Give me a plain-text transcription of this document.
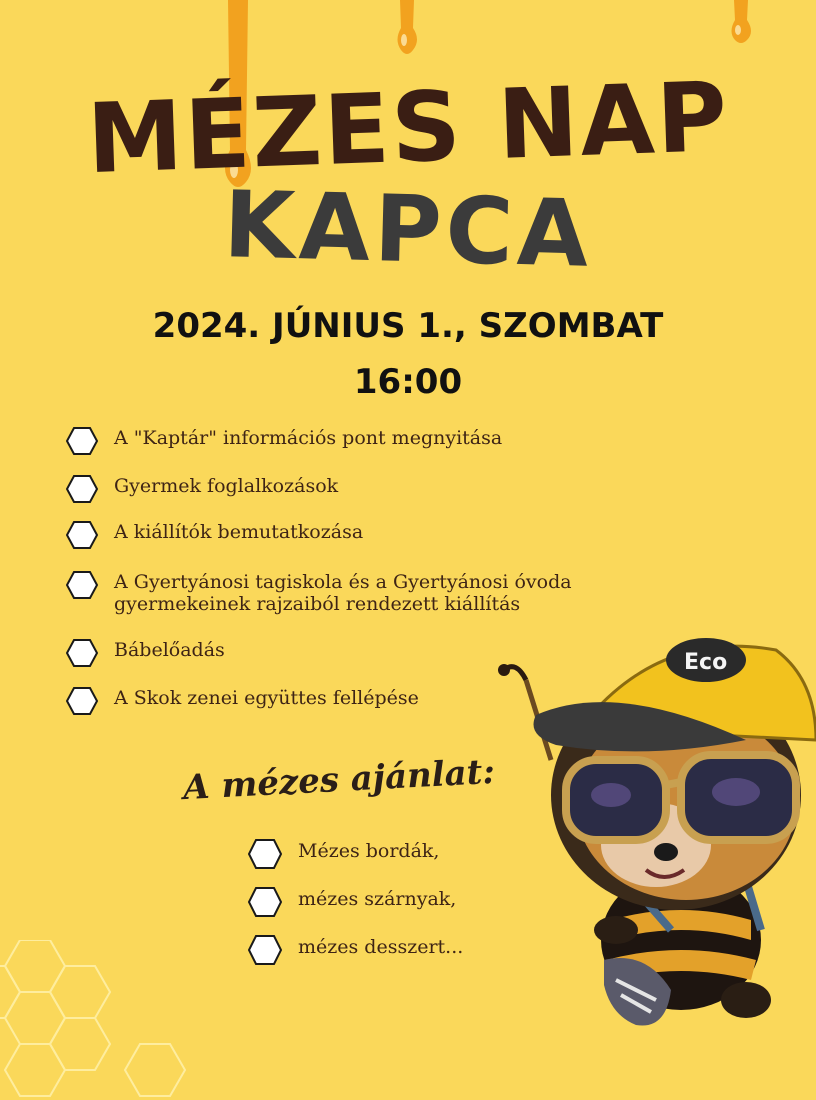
MÉZES NAP
KAPCA
2024. JÚNIUS 1., SZOMBAT
16:00
A "Kaptár" információs pont megnyitása
Gyermek foglalkozások
A kiállítók bemutatkozása
A Gyertyánosi tagiskola és a Gyertyánosi óvoda
gyermekeinek rajzaiból rendezett kiállítás
Bábelőadás
A Skok zenei együttes fellépése
A mézes ajánlat:
Mézes bordák,
mézes szárnyak,
mézes desszert...
Eco
